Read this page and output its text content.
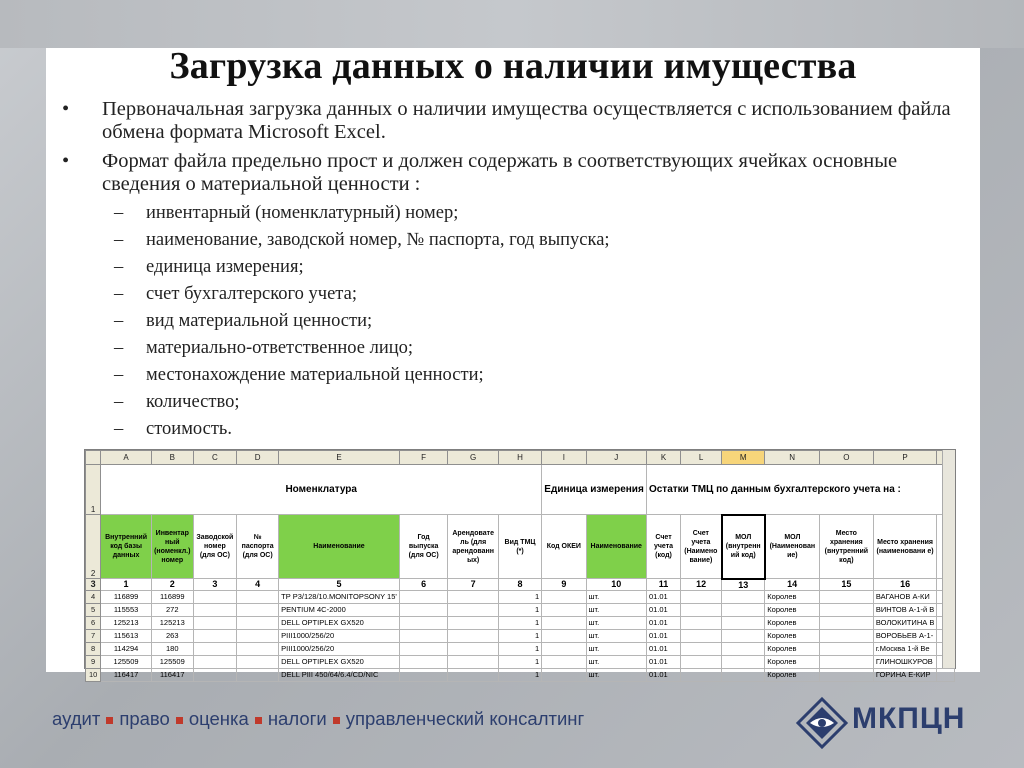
Загрузка данных о наличии имущества
•	Первоначальная загрузка данных о наличии имущества осуществляется с использованием файла обмена формата Microsoft Excel.
•	Формат файла предельно прост и должен содержать в соответствующих ячейках основные сведения о материальной ценности :
– инвентарный (номенклатурный) номер;
– наименование, заводской номер, № паспорта, год выпуска;
– единица измерения;
– счет бухгалтерского учета;
– вид материальной ценности;
– материально-ответственное лицо;
– местонахождение материальной ценности;
– количество;
– стоимость.
	A	B	C	D	E	F	G	H	I	J	K	L	M	N	O	P	
1	Номенклатура								Единица измерения		Остатки ТМЦ по данным бухгалтерского учета на :						
2	Внутренний код базы данных	Инвентар ный (номенкл.) номер	Заводской номер (для ОС)	№ паспорта (для ОС)	Наименование	Год выпуска (для ОС)	Арендовате ль (для арендованн ых)	Вид ТМЦ (*)	Код ОКЕИ	Наименование	Счет учета (код)	Счет учета (Наимено вание)	МОЛ (внутренн ий код)	МОЛ (Наименован ие)	Место хранения (внутренний код)	Место хранения (наименовани е)	
3	1	2	3	4	5	6	7	8	9	10	11	12	13	14	15	16	
4	116899	116899			TP P3/128/10.MONITOPSONY 15'			1		шт.	01.01			Королев		ВАГАНОВ А-КИ	
5	115553	272			PENTIUM 4C-2000			1		шт.	01.01			Королев		ВИНТОВ А-1-й В	
6	125213	125213			DELL OPTIPLEX GX520			1		шт.	01.01			Королев		ВОЛОКИТИНА В	
7	115613	263			PIII1000/256/20			1		шт.	01.01			Королев		ВОРОБЬЕВ А-1-	
8	114294	180			PIII1000/256/20			1		шт.	01.01			Королев		г.Москва 1-й Ве	
9	125509	125509			DELL OPTIPLEX GX520			1		шт.	01.01			Королев		ГЛИНОШКУРОВ	
10	116417	116417			DELL PIII 450/64/6.4/CD/NIC			1		шт.	01.01			Королев		ГОРИНА Е-КИР	
аудит право оценка налоги управленческий консалтинг	МКПЦН
